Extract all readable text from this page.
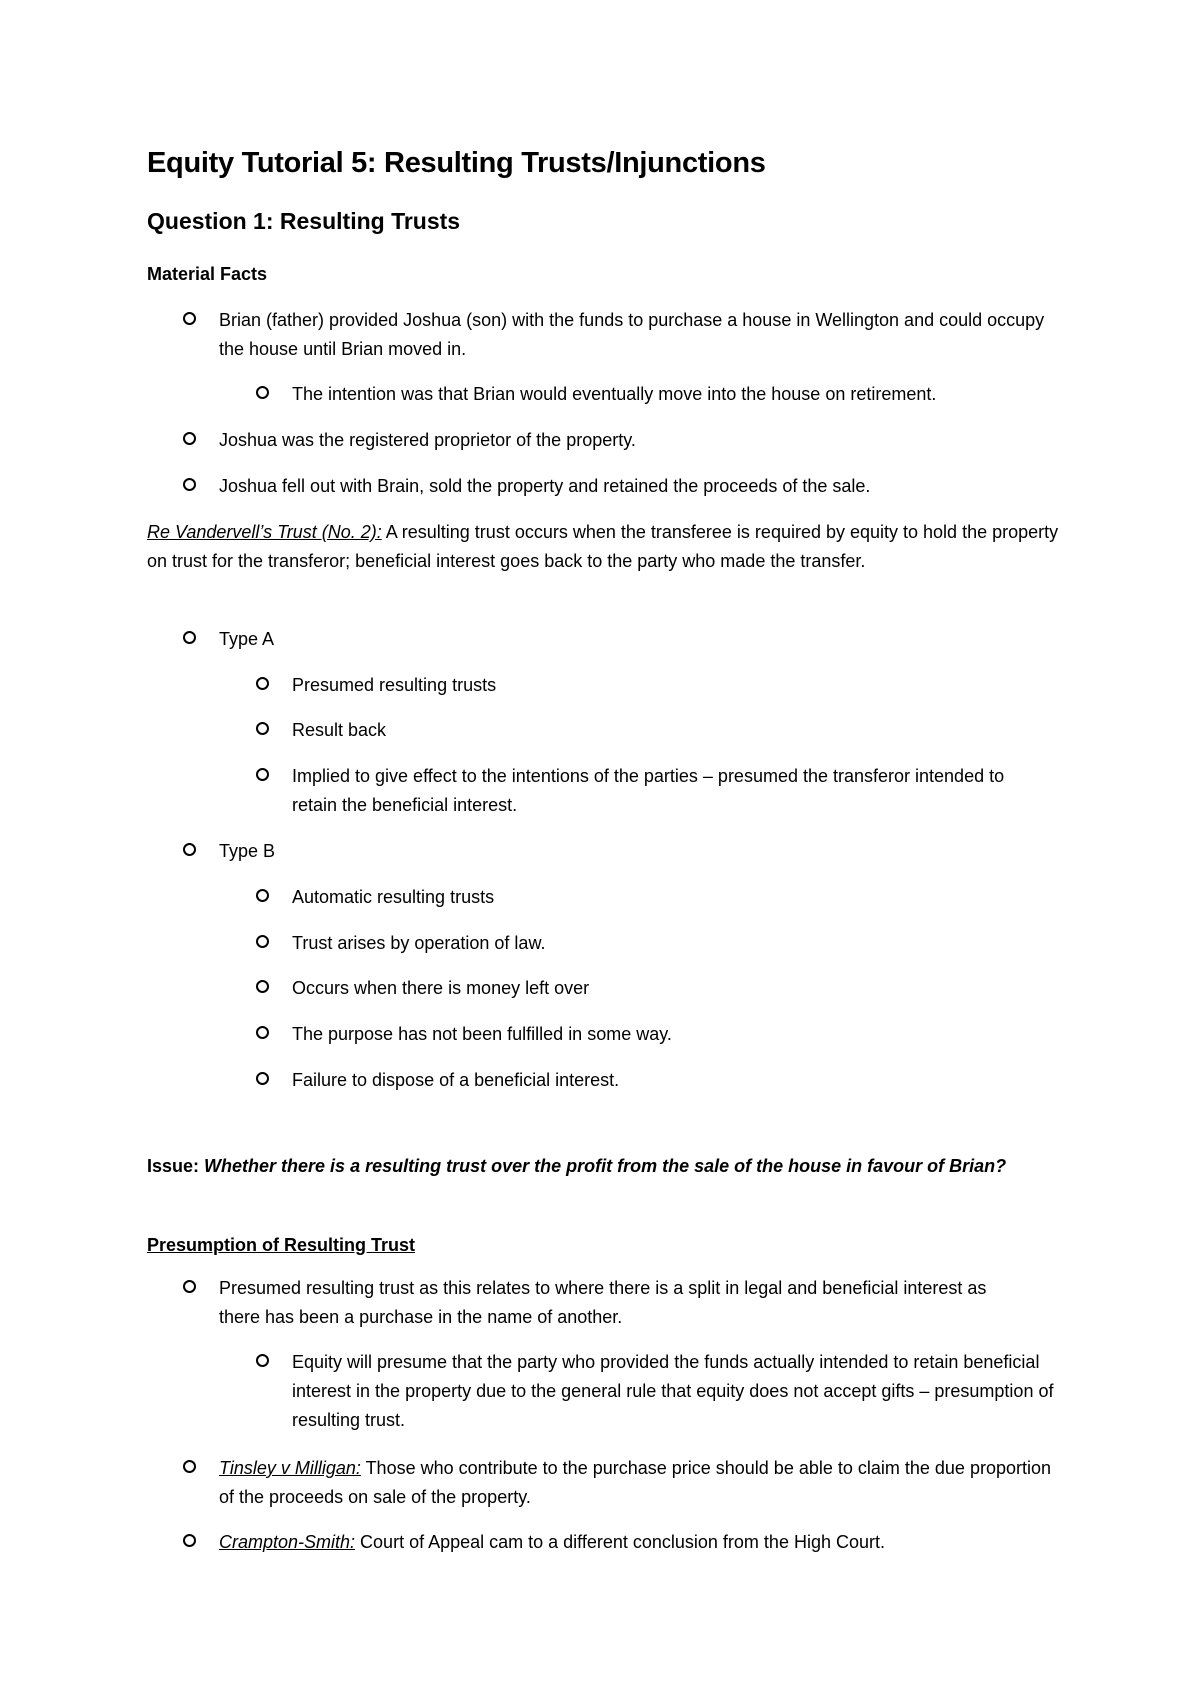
Equity Tutorial 5: Resulting Trusts/Injunctions
Question 1: Resulting Trusts
Material Facts
Brian (father) provided Joshua (son) with the funds to purchase a house in Wellington and could occupy the house until Brian moved in.
The intention was that Brian would eventually move into the house on retirement.
Joshua was the registered proprietor of the property.
Joshua fell out with Brain, sold the property and retained the proceeds of the sale.
Re Vandervell’s Trust (No. 2): A resulting trust occurs when the transferee is required by equity to hold the property on trust for the transferor; beneficial interest goes back to the party who made the transfer.
Type A
Presumed resulting trusts
Result back
Implied to give effect to the intentions of the parties – presumed the transferor intended to retain the beneficial interest.
Type B
Automatic resulting trusts
Trust arises by operation of law.
Occurs when there is money left over
The purpose has not been fulfilled in some way.
Failure to dispose of a beneficial interest.
Issue: Whether there is a resulting trust over the profit from the sale of the house in favour of Brian?
Presumption of Resulting Trust
Presumed resulting trust as this relates to where there is a split in legal and beneficial interest as there has been a purchase in the name of another.
Equity will presume that the party who provided the funds actually intended to retain beneficial interest in the property due to the general rule that equity does not accept gifts – presumption of resulting trust.
Tinsley v Milligan: Those who contribute to the purchase price should be able to claim the due proportion of the proceeds on sale of the property.
Crampton-Smith: Court of Appeal cam to a different conclusion from the High Court.
